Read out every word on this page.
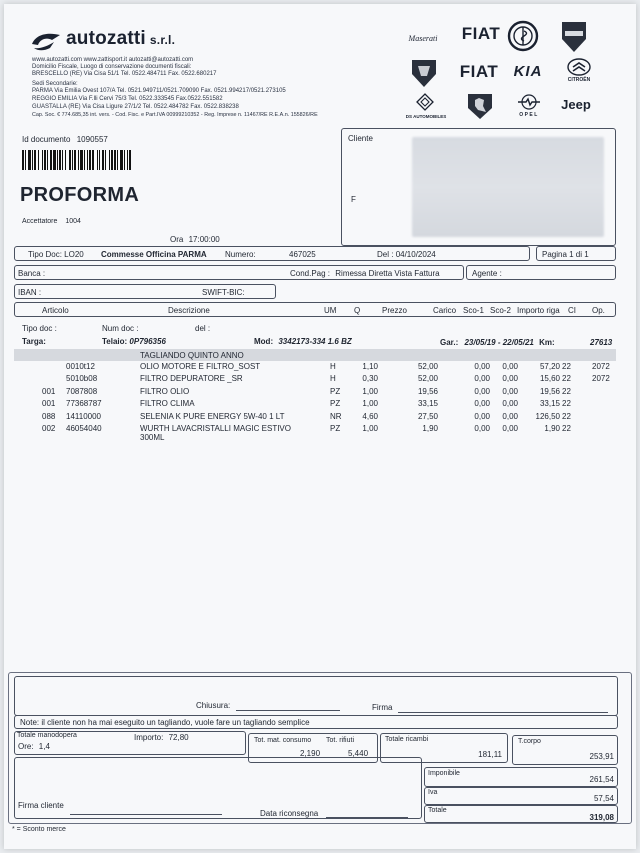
autozatti s.r.l.
www.autozatti.com www.zattisport.it autozatti@autozatti.com
Domicilio Fiscale, Luogo di conservazione documenti fiscali:
BRESCELLO (RE) Via Cisa 51/1 Tel. 0522.484711 Fax. 0522.680217
Sedi Secondarie:
PARMA Via Emilia Ovest 107/A Tel. 0521.949711/0521.709090 Fax. 0521.994217/0521.273105
REGGIO EMILIA Via F.lli Cervi 75/3 Tel. 0522.333545 Fax.0522.551582
GUASTALLA (RE) Via Cisa Ligure 27/1/2 Tel. 0522.484782 Fax. 0522.838238
Cap. Soc. € 774.685,35 int. vers. - Cod. Fisc. e Part.IVA 00999210352 - Reg. Imprese n. 11467/RE R.E.A.n. 155826/RE
Maserati	FIAT
FIAT	KIA	CITROËN
DS AUTOMOBILES	OPEL
Jeep
Id documento 1090557
PROFORMA
Accettatore 1004
Ora 17:00:00
Cliente
F
Tipo Doc: LO20 Commesse Officina PARMA Numero:	467025	Del : 04/10/2024	Pagina 1 di 1
Banca :	Cond.Pag : Rimessa Diretta Vista Fattura	Agente :
IBAN :	SWIFT-BIC:
Articolo	Descrizione	UM Q	Prezzo	Carico Sco-1 Sco-2 Importo riga CI Op.
Tipo doc :	Num doc :	del :
Targa:	Telaio: 0P796356	Mod: 3342173-334 1.6 BZ	Gar.: 23/05/19 - 22/05/21 Km:	27613
TAGLIANDO QUINTO ANNO
0010t12	OLIO MOTORE E FILTRO_SOST	H	1,10	52,00	0,00	0,00	57,20 22	2072
5010b08	FILTRO DEPURATORE _SR	H	0,30	52,00	0,00	0,00	15,60 22	2072
001	7087808	FILTRO OLIO	PZ	1,00	19,56	0,00	0,00	19,56 22
001	77368787	FILTRO CLIMA	PZ	1,00	33,15	0,00	0,00	33,15 22
088	14110000	SELENIA K PURE ENERGY 5W-40 1 LT	NR	4,60	27,50	0,00	0,00 126,50 22
002	46054040	WURTH LAVACRISTALLI MAGIC ESTIVO	PZ	1,00	1,90	0,00	0,00	1,90 22
300ML
Chiusura:	Firma
Note: il cliente non ha mai eseguito un tagliando, vuole fare un tagliando semplice
Totale manodopera
Ore: 1,4
Importo: 72,80	Tot. mat. consumo Tot. rifiuti
2,190	5,440
Totale ricambi
181,11
T.corpo
253,91
Firma cliente
Data riconsegna
Imponibile
261,54
Iva
57,54
Totale
319,08
* = Sconto merce
